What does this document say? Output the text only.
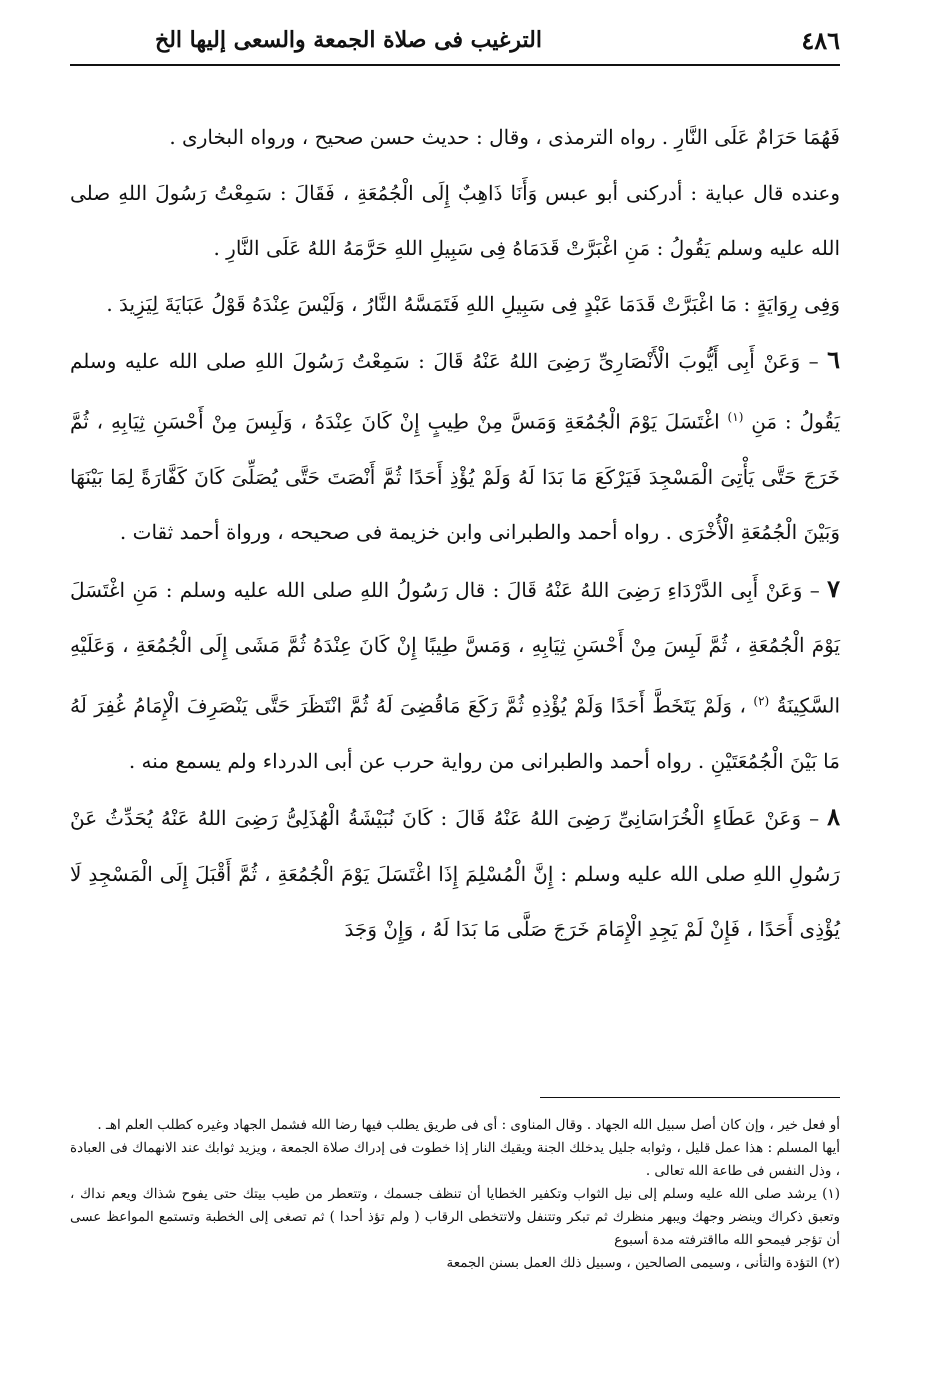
٤٨٦
الترغيب فى صلاة الجمعة والسعى إليها الخ

فَهُمَا حَرَامٌ عَلَى النَّارِ . رواه الترمذى ، وقال : حديث حسن صحيح ، ورواه البخارى .

وعنده قال عباية : أدركنى أبو عبس وَأَنَا ذَاهِبٌ إِلَى الْجُمُعَةِ ، فَقَالَ : سَمِعْتُ رَسُولَ اللهِ صلى الله عليه وسلم يَقُولُ : مَنِ اغْبَرَّتْ قَدَمَاهُ فِى سَبِيلِ اللهِ حَرَّمَهُ اللهُ عَلَى النَّارِ .

وَفِى رِوَايَةٍ : مَا اغْبَرَّتْ قَدَمَا عَبْدٍ فِى سَبِيلِ اللهِ فَتَمَسَّهُ النَّارُ ، وَلَيْسَ عِنْدَهُ قَوْلُ عَبَايَةَ لِيَزِيدَ .

٦ – وَعَنْ أَبِى أَيُّوبَ الْأَنْصَارِىِّ رَضِىَ اللهُ عَنْهُ قَالَ : سَمِعْتُ رَسُولَ اللهِ صلى الله عليه وسلم يَقُولُ : مَنِ $^{(١)}$ اغْتَسَلَ يَوْمَ الْجُمُعَةِ وَمَسَّ مِنْ طِيبٍ إِنْ كَانَ عِنْدَهُ ، وَلَبِسَ مِنْ أَحْسَنِ ثِيَابِهِ ، ثُمَّ خَرَجَ حَتَّى يَأْتِىَ الْمَسْجِدَ فَيَرْكَعَ مَا بَدَا لَهُ وَلَمْ يُؤْذِ أَحَدًا ثُمَّ أَنْصَتَ حَتَّى يُصَلِّىَ كَانَ كَفَّارَةً لِمَا بَيْنَهَا وَبَيْنَ الْجُمُعَةِ الْأُخْرَى . رواه أحمد والطبرانى وابن خزيمة فى صحيحه ، ورواة أحمد ثقات .

٧ – وَعَنْ أَبِى الدَّرْدَاءِ رَضِىَ اللهُ عَنْهُ قَالَ : قال رَسُولُ اللهِ صلى الله عليه وسلم : مَنِ اغْتَسَلَ يَوْمَ الْجُمُعَةِ ، ثُمَّ لَبِسَ مِنْ أَحْسَنِ ثِيَابِهِ ، وَمَسَّ طِيبًا إِنْ كَانَ عِنْدَهُ ثُمَّ مَشَى إِلَى الْجُمُعَةِ ، وَعَلَيْهِ السَّكِينَةُ $^{(٢)}$ ، وَلَمْ يَتَخَطَّ أَحَدًا وَلَمْ يُؤْذِهِ ثُمَّ رَكَعَ مَاقُضِىَ لَهُ ثُمَّ انْتَظَرَ حَتَّى يَنْصَرِفَ الْإِمَامُ غُفِرَ لَهُ مَا بَيْنَ الْجُمُعَتَيْنِ . رواه أحمد والطبرانى من رواية حرب عن أبى الدرداء ولم يسمع منه .

٨ – وَعَنْ عَطَاءٍ الْخُرَاسَانِىِّ رَضِىَ اللهُ عَنْهُ قَالَ : كَانَ نُبَيْشَةُ الْهُذَلِىُّ رَضِىَ اللهُ عَنْهُ يُحَدِّثُ عَنْ رَسُولِ اللهِ صلى الله عليه وسلم : إِنَّ الْمُسْلِمَ إِذَا اغْتَسَلَ يَوْمَ الْجُمُعَةِ ، ثُمَّ أَقْبَلَ إِلَى الْمَسْجِدِ لَا يُؤْذِى أَحَدًا ، فَإِنْ لَمْ يَجِدِ الْإِمَامَ خَرَجَ صَلَّى مَا بَدَا لَهُ ، وَإِنْ وَجَدَ

أو فعل خير ، وإن كان أصل سبيل الله الجهاد . وقال المناوى : أى فى طريق يطلب فيها رضا الله فشمل الجهاد وغيره كطلب العلم اهـ .

أيها المسلم : هذا عمل قليل ، وثوابه جليل يدخلك الجنة ويقيك النار إذا خطوت فى إدراك صلاة الجمعة ، ويزيد ثوابك عند الانهماك فى العبادة ، وذل النفس فى طاعة الله تعالى .

(١) يرشد صلى الله عليه وسلم إلى نيل الثواب وتكفير الخطايا أن تنظف جسمك ، وتتعطر من طيب بيتك حتى يفوح شذاك ويعم نداك ، وتعبق ذكراك وينضر وجهك ويبهر منظرك ثم تبكر وتتنفل ولاتتخطى الرقاب ( ولم تؤذ أحدا ) ثم تصغى إلى الخطبة وتستمع المواعظ عسى أن تؤجر فيمحو الله مااقترفته مدة أسبوع

(٢) التؤدة والتأنى ، وسيمى الصالحين ، وسبيل ذلك العمل بسنن الجمعة
